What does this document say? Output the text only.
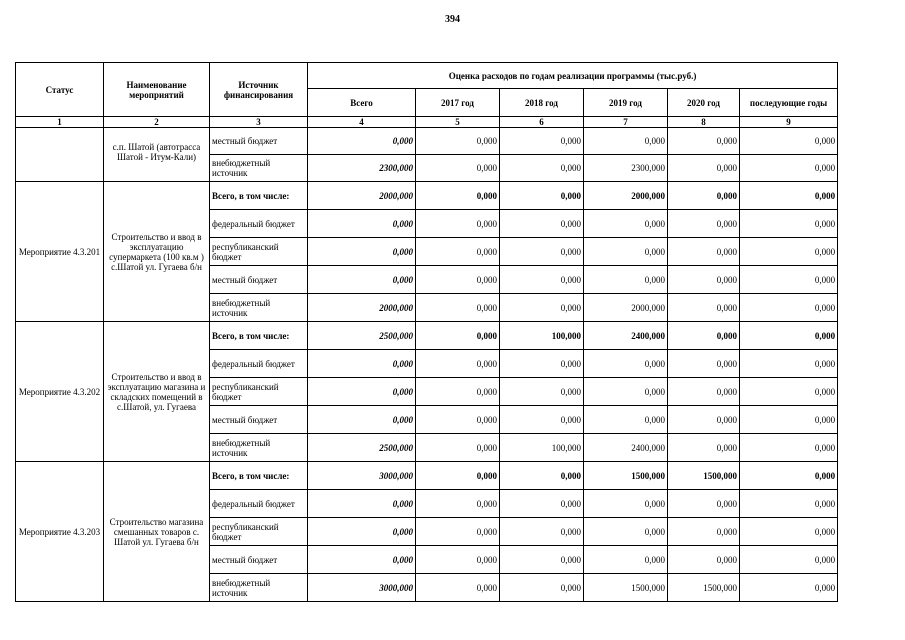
394
Статус	Наименование мероприятий	Источник финансирования	Оценка расходов по годам реализации программы (тыс.руб.)					
			Всего	2017 год	2018 год	2019 год	2020 год	последующие годы
1	2	3	4	5	6	7	8	9

	с.п. Шатой (автотрасса Шатой - Итум-Кали)	местный бюджет	0,000	0,000	0,000	0,000	0,000	0,000
		внебюджетный источник	2300,000	0,000	0,000	2300,000	0,000	0,000
Мероприятие 4.3.201	Строительство и ввод в эксплуатацию супермаркета (100 кв.м ) с.Шатой ул. Гугаева б/н	Всего, в том числе:	2000,000	0,000	0,000	2000,000	0,000	0,000
		федеральный бюджет	0,000	0,000	0,000	0,000	0,000	0,000
		республиканский бюджет	0,000	0,000	0,000	0,000	0,000	0,000
		местный бюджет	0,000	0,000	0,000	0,000	0,000	0,000
		внебюджетный источник	2000,000	0,000	0,000	2000,000	0,000	0,000
Мероприятие 4.3.202	Строительство и ввод в эксплуатацию магазина и складских помещений в с.Шатой, ул. Гугаева	Всего, в том числе:	2500,000	0,000	100,000	2400,000	0,000	0,000
		федеральный бюджет	0,000	0,000	0,000	0,000	0,000	0,000
		республиканский бюджет	0,000	0,000	0,000	0,000	0,000	0,000
		местный бюджет	0,000	0,000	0,000	0,000	0,000	0,000
		внебюджетный источник	2500,000	0,000	100,000	2400,000	0,000	0,000
Мероприятие 4.3.203	Строительство магазина смешанных товаров с. Шатой ул. Гугаева б/н	Всего, в том числе:	3000,000	0,000	0,000	1500,000	1500,000	0,000
		федеральный бюджет	0,000	0,000	0,000	0,000	0,000	0,000
		республиканский бюджет	0,000	0,000	0,000	0,000	0,000	0,000
		местный бюджет	0,000	0,000	0,000	0,000	0,000	0,000
		внебюджетный источник	3000,000	0,000	0,000	1500,000	1500,000	0,000
